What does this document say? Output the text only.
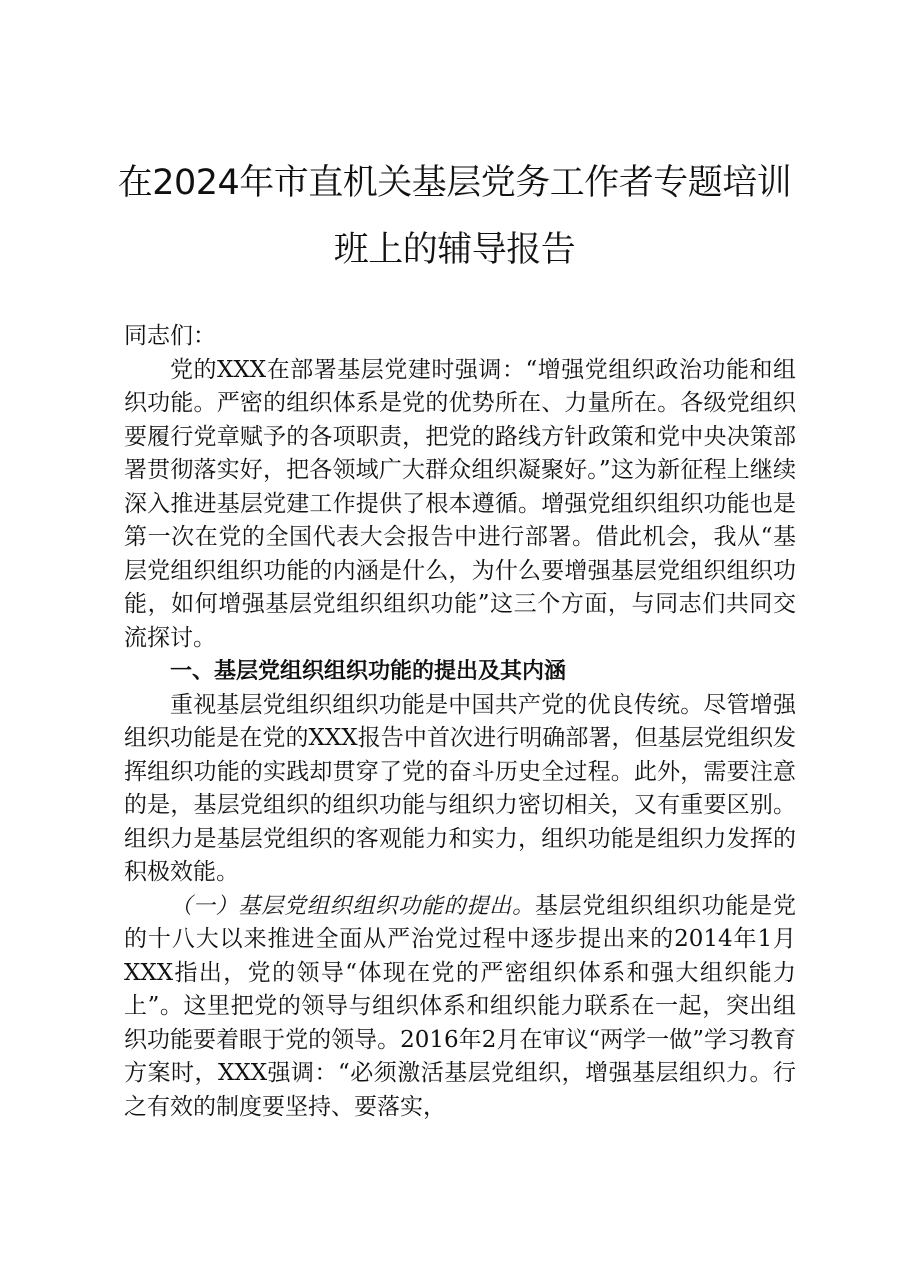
在2024年市直机关基层党务工作者专题培训
班上的辅导报告

同志们：

党的XXX在部署基层党建时强调：“增强党组织政治功能和组织功能。严密的组织体系是党的优势所在、力量所在。各级党组织要履行党章赋予的各项职责，把党的路线方针政策和党中央决策部署贯彻落实好，把各领域广大群众组织凝聚好。”这为新征程上继续深入推进基层党建工作提供了根本遵循。增强党组织组织功能也是第一次在党的全国代表大会报告中进行部署。借此机会，我从“基层党组织组织功能的内涵是什么，为什么要增强基层党组织组织功能，如何增强基层党组织组织功能”这三个方面，与同志们共同交流探讨。

一、基层党组织组织功能的提出及其内涵

重视基层党组织组织功能是中国共产党的优良传统。尽管增强组织功能是在党的XXX报告中首次进行明确部署，但基层党组织发挥组织功能的实践却贯穿了党的奋斗历史全过程。此外，需要注意的是，基层党组织的组织功能与组织力密切相关，又有重要区别。组织力是基层党组织的客观能力和实力，组织功能是组织力发挥的积极效能。

（一）基层党组织组织功能的提出。基层党组织组织功能是党的十八大以来推进全面从严治党过程中逐步提出来的2014年1月XXX指出，党的领导“体现在党的严密组织体系和强大组织能力上”。这里把党的领导与组织体系和组织能力联系在一起，突出组织功能要着眼于党的领导。2016年2月在审议“两学一做”学习教育方案时，XXX强调：“必须激活基层党组织，增强基层组织力。行之有效的制度要坚持、要落实，
